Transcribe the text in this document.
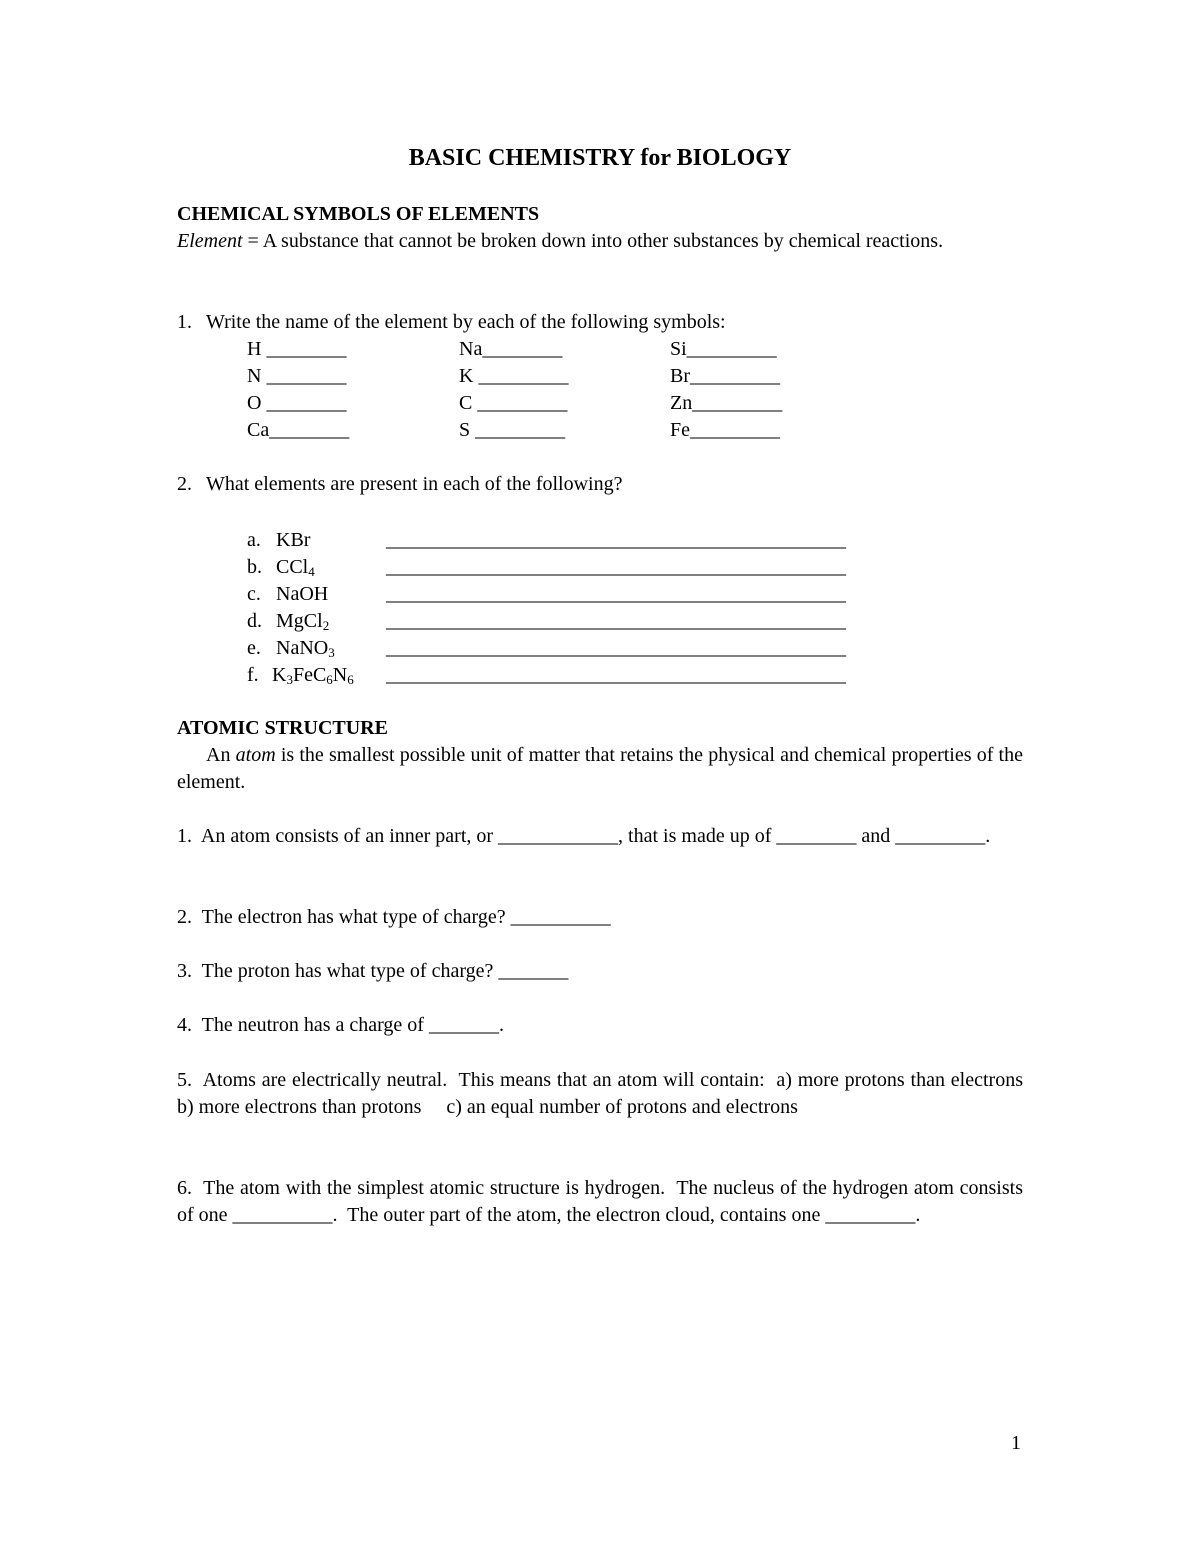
BASIC CHEMISTRY for BIOLOGY
CHEMICAL SYMBOLS OF ELEMENTS
Element = A substance that cannot be broken down into other substances by chemical reactions.
1. Write the name of the element by each of the following symbols:
H ________	Na________	Si_________
N ________	K _________	Br_________
O ________	C _________	Zn_________
Ca________	S _________	Fe_________
2. What elements are present in each of the following?
a. KBr	______________________________________________
b. CCl$_4$	______________________________________________
c. NaOH	______________________________________________
d. MgCl$_2$	______________________________________________
e. NaNO$_3$	______________________________________________
f. $K_3FeC_6N_6$ ______________________________________________
ATOMIC STRUCTURE
An atom is the smallest possible unit of matter that retains the physical and chemical properties of the element.
1.  An atom consists of an inner part, or ____________, that is made up of ________ and _________.
2.  The electron has what type of charge? __________
3.  The proton has what type of charge? _______
4.  The neutron has a charge of _______.
5.  Atoms are electrically neutral.  This means that an atom will contain:  a) more protons than electrons     b) more electrons than protons     c) an equal number of protons and electrons
6.  The atom with the simplest atomic structure is hydrogen.  The nucleus of the hydrogen atom consists of one __________.  The outer part of the atom, the electron cloud, contains one _________.
1
